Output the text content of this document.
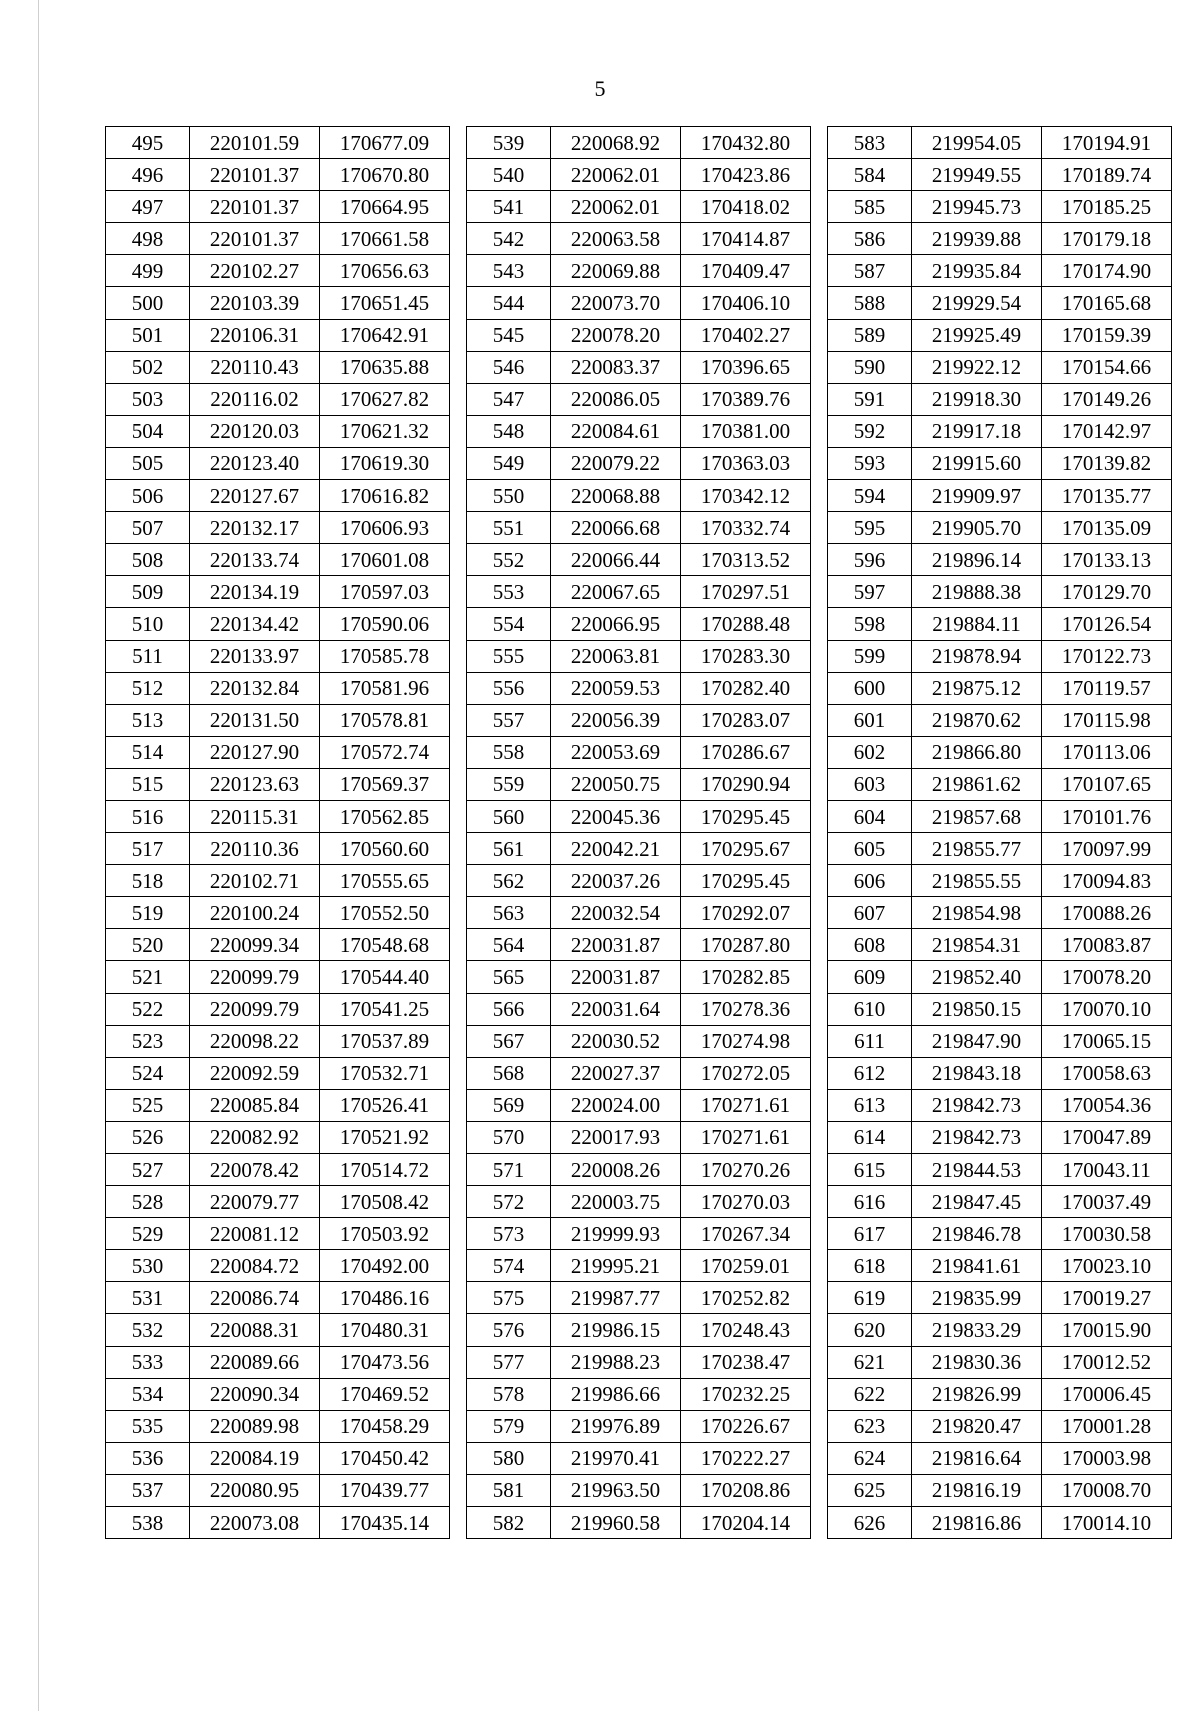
5
495	220101.59	170677.09
496	220101.37	170670.80
497	220101.37	170664.95
498	220101.37	170661.58
499	220102.27	170656.63
500	220103.39	170651.45
501	220106.31	170642.91
502	220110.43	170635.88
503	220116.02	170627.82
504	220120.03	170621.32
505	220123.40	170619.30
506	220127.67	170616.82
507	220132.17	170606.93
508	220133.74	170601.08
509	220134.19	170597.03
510	220134.42	170590.06
511	220133.97	170585.78
512	220132.84	170581.96
513	220131.50	170578.81
514	220127.90	170572.74
515	220123.63	170569.37
516	220115.31	170562.85
517	220110.36	170560.60
518	220102.71	170555.65
519	220100.24	170552.50
520	220099.34	170548.68
521	220099.79	170544.40
522	220099.79	170541.25
523	220098.22	170537.89
524	220092.59	170532.71
525	220085.84	170526.41
526	220082.92	170521.92
527	220078.42	170514.72
528	220079.77	170508.42
529	220081.12	170503.92
530	220084.72	170492.00
531	220086.74	170486.16
532	220088.31	170480.31
533	220089.66	170473.56
534	220090.34	170469.52
535	220089.98	170458.29
536	220084.19	170450.42
537	220080.95	170439.77
538	220073.08	170435.14
539	220068.92	170432.80
540	220062.01	170423.86
541	220062.01	170418.02
542	220063.58	170414.87
543	220069.88	170409.47
544	220073.70	170406.10
545	220078.20	170402.27
546	220083.37	170396.65
547	220086.05	170389.76
548	220084.61	170381.00
549	220079.22	170363.03
550	220068.88	170342.12
551	220066.68	170332.74
552	220066.44	170313.52
553	220067.65	170297.51
554	220066.95	170288.48
555	220063.81	170283.30
556	220059.53	170282.40
557	220056.39	170283.07
558	220053.69	170286.67
559	220050.75	170290.94
560	220045.36	170295.45
561	220042.21	170295.67
562	220037.26	170295.45
563	220032.54	170292.07
564	220031.87	170287.80
565	220031.87	170282.85
566	220031.64	170278.36
567	220030.52	170274.98
568	220027.37	170272.05
569	220024.00	170271.61
570	220017.93	170271.61
571	220008.26	170270.26
572	220003.75	170270.03
573	219999.93	170267.34
574	219995.21	170259.01
575	219987.77	170252.82
576	219986.15	170248.43
577	219988.23	170238.47
578	219986.66	170232.25
579	219976.89	170226.67
580	219970.41	170222.27
581	219963.50	170208.86
582	219960.58	170204.14
583	219954.05	170194.91
584	219949.55	170189.74
585	219945.73	170185.25
586	219939.88	170179.18
587	219935.84	170174.90
588	219929.54	170165.68
589	219925.49	170159.39
590	219922.12	170154.66
591	219918.30	170149.26
592	219917.18	170142.97
593	219915.60	170139.82
594	219909.97	170135.77
595	219905.70	170135.09
596	219896.14	170133.13
597	219888.38	170129.70
598	219884.11	170126.54
599	219878.94	170122.73
600	219875.12	170119.57
601	219870.62	170115.98
602	219866.80	170113.06
603	219861.62	170107.65
604	219857.68	170101.76
605	219855.77	170097.99
606	219855.55	170094.83
607	219854.98	170088.26
608	219854.31	170083.87
609	219852.40	170078.20
610	219850.15	170070.10
611	219847.90	170065.15
612	219843.18	170058.63
613	219842.73	170054.36
614	219842.73	170047.89
615	219844.53	170043.11
616	219847.45	170037.49
617	219846.78	170030.58
618	219841.61	170023.10
619	219835.99	170019.27
620	219833.29	170015.90
621	219830.36	170012.52
622	219826.99	170006.45
623	219820.47	170001.28
624	219816.64	170003.98
625	219816.19	170008.70
626	219816.86	170014.10
